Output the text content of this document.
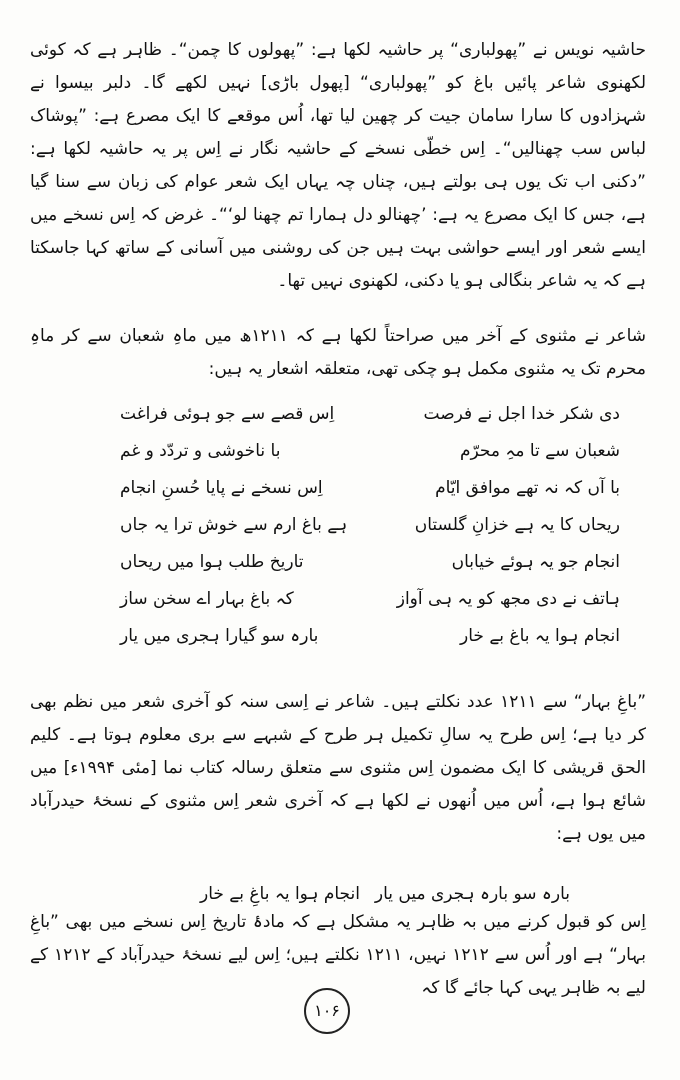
حاشیہ نویس نے ”پھولباری“ پر حاشیہ لکھا ہے: ”پھولوں کا چمن“۔ ظاہر ہے کہ کوئی لکھنوی شاعر پائیں باغ کو ”پھولباری“ [پھول باڑی] نہیں لکھے گا۔ دلبر بیسوا نے شہزادوں کا سارا سامان جیت کر چھین لیا تھا، اُس موقعے کا ایک مصرع ہے: ”پوشاک لباس سب چھنالیں“۔ اِس خطّی نسخے کے حاشیہ نگار نے اِس پر یہ حاشیہ لکھا ہے: ”دکنی اب تک یوں ہی بولتے ہیں، چناں چہ یہاں ایک شعر عوام کی زبان سے سنا گیا ہے، جس کا ایک مصرع یہ ہے: ’چھنالو دل ہمارا تم چھنا لو‘“۔ غرض کہ اِس نسخے میں ایسے شعر اور ایسے حواشی بہت ہیں جن کی روشنی میں آسانی کے ساتھ کہا جاسکتا ہے کہ یہ شاعر بنگالی ہو یا دکنی، لکھنوی نہیں تھا۔
شاعر نے مثنوی کے آخر میں صراحتاً لکھا ہے کہ ۱۲۱۱ھ میں ماہِ شعبان سے کر ماہِ محرم تک یہ مثنوی مکمل ہو چکی تھی، متعلقہ اشعار یہ ہیں:
دی شکر خدا اجل نے فرصت
اِس قصے سے جو ہوئی فراغت
شعبان سے تا مہِ محرّم
با ناخوشی و تردّد و غم
با آں کہ نہ تھے موافق ایّام
اِس نسخے نے پایا حُسنِ انجام
ریحاں کا یہ ہے خزانِ گلستاں
ہے باغ ارم سے خوش ترا یہ جاں
انجام جو یہ ہوئے خیاباں
تاریخ طلب ہوا میں ریحاں
ہاتف نے دی مجھ کو یہ ہی آواز
کہ باغ بہار اے سخن ساز
انجام ہوا یہ باغ بے خار
بارہ سو گیارا ہجری میں یار
”باغِ بہار“ سے ۱۲۱۱ عدد نکلتے ہیں۔ شاعر نے اِسی سنہ کو آخری شعر میں نظم بھی کر دیا ہے؛ اِس طرح یہ سالِ تکمیل ہر طرح کے شبہے سے بری معلوم ہوتا ہے۔ کلیم الحق قریشی کا ایک مضمون اِس مثنوی سے متعلق رسالہ کتاب نما [مئی ۱۹۹۴ء] میں شائع ہوا ہے، اُس میں اُنھوں نے لکھا ہے کہ آخری شعر اِس مثنوی کے نسخۂ حیدرآباد میں یوں ہے:
بارہ سو بارہ ہجری میں یار
انجام ہوا یہ باغِ بے خار
اِس کو قبول کرنے میں بہ ظاہر یہ مشکل ہے کہ مادۂ تاریخ اِس نسخے میں بھی ”باغِ بہار“ ہے اور اُس سے ۱۲۱۲ نہیں، ۱۲۱۱ نکلتے ہیں؛ اِس لیے نسخۂ حیدرآباد کے ۱۲۱۲ کے لیے بہ ظاہر یہی کہا جائے گا کہ
۱۰۶
